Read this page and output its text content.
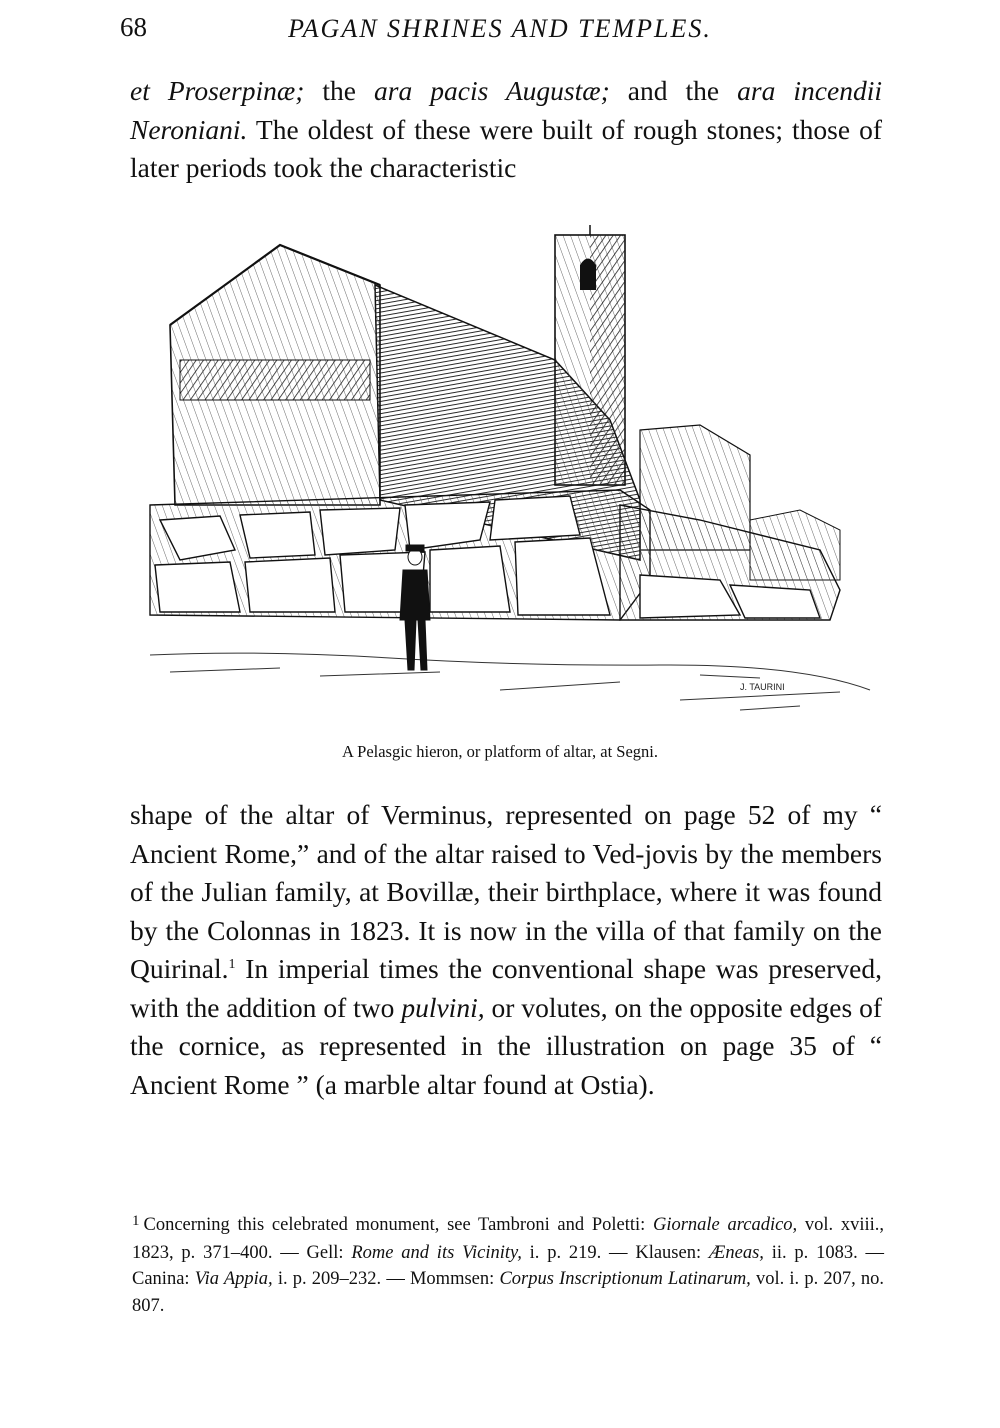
68	PAGAN SHRINES AND TEMPLES.

et Proserpinæ; the ara pacis Augustæ; and the ara incendii Neroniani. The oldest of these were built of rough stones; those of later periods took the characteristic

J. TAURINI
A Pelasgic hieron, or platform of altar, at Segni.

shape of the altar of Verminus, represented on page 52 of my “ Ancient Rome,” and of the altar raised to Ved-jovis by the members of the Julian family, at Bovillæ, their birthplace, where it was found by the Colonnas in 1823. It is now in the villa of that family on the Quirinal.$^1$ In imperial times the conventional shape was preserved, with the addition of two pulvini, or volutes, on the opposite edges of the cornice, as represented in the illustration on page 35 of “ Ancient Rome ” (a marble altar found at Ostia).

$^1$ Concerning this celebrated monument, see Tambroni and Poletti: Giornale arcadico, vol. xviii., 1823, p. 371–400. — Gell: Rome and its Vicinity, i. p. 219. — Klausen: Æneas, ii. p. 1083. — Canina: Via Appia, i. p. 209–232. — Mommsen: Corpus Inscriptionum Latinarum, vol. i. p. 207, no. 807.
